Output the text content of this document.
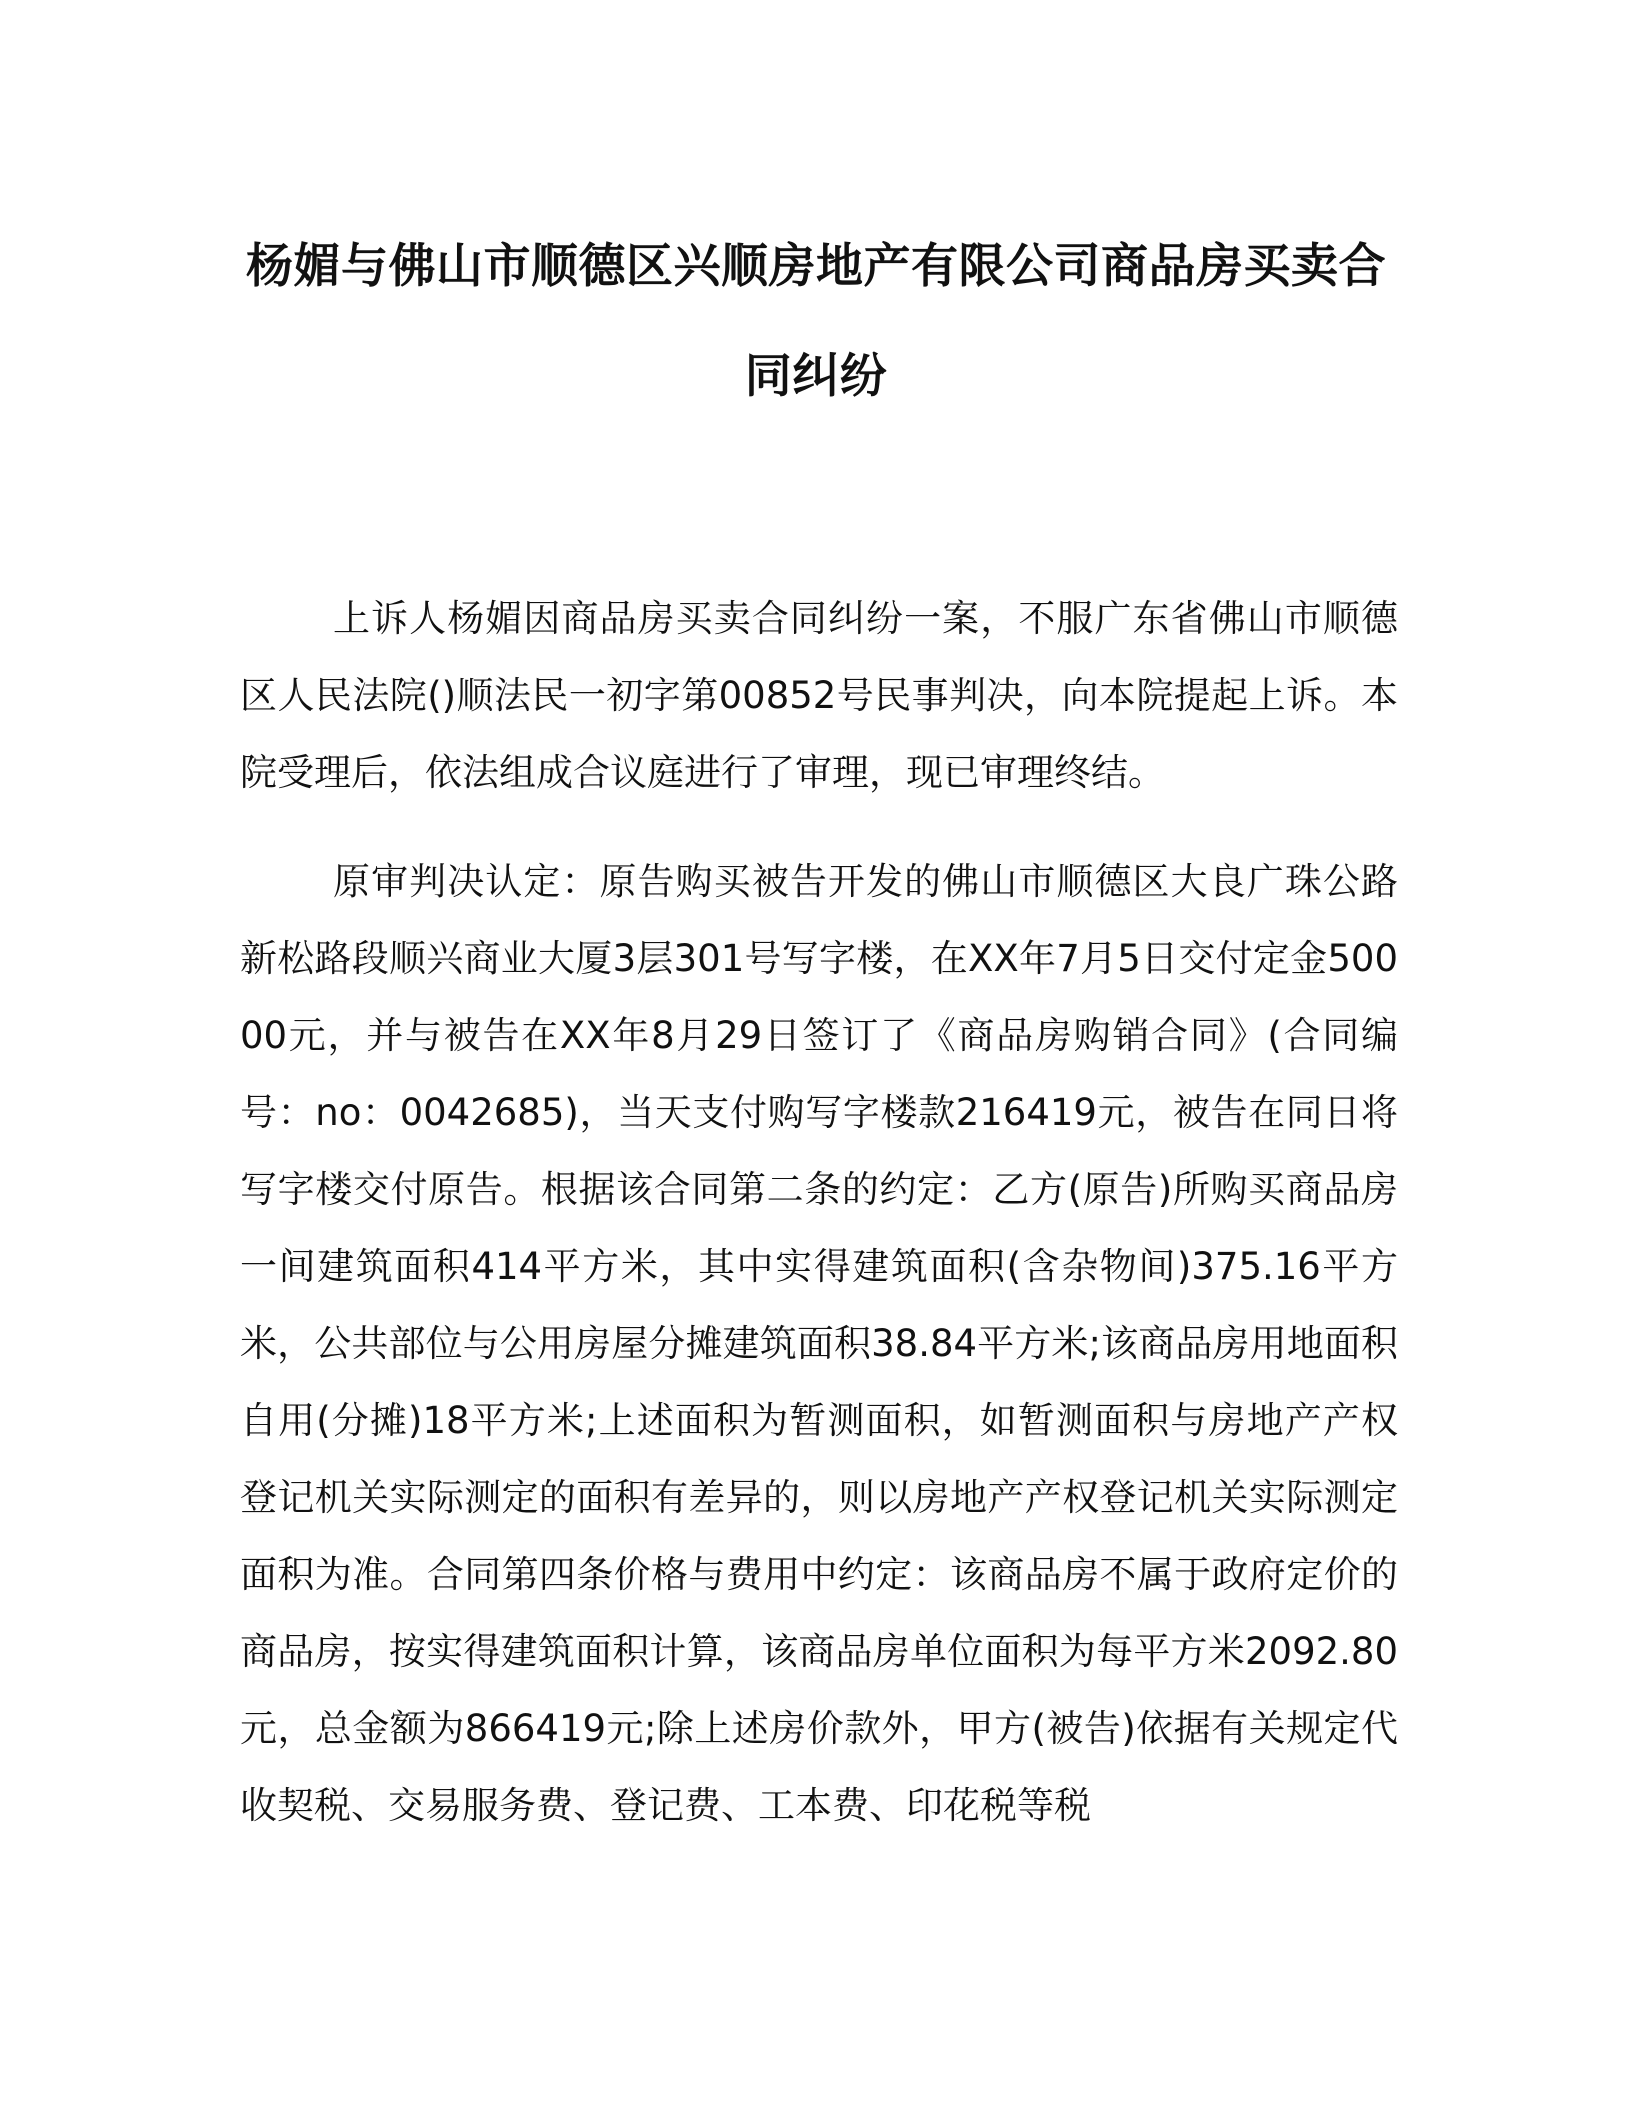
杨媚与佛山市顺德区兴顺房地产有限公司商品房买卖合同纠纷

上诉人杨媚因商品房买卖合同纠纷一案，不服广东省佛山市顺德区人民法院()顺法民一初字第00852号民事判决，向本院提起上诉。本院受理后，依法组成合议庭进行了审理，现已审理终结。

原审判决认定：原告购买被告开发的佛山市顺德区大良广珠公路新松路段顺兴商业大厦3层301号写字楼，在XX年7月5日交付定金50000元，并与被告在XX年8月29日签订了《商品房购销合同》(合同编号：no：0042685)，当天支付购写字楼款216419元，被告在同日将写字楼交付原告。根据该合同第二条的约定：乙方(原告)所购买商品房一间建筑面积414平方米，其中实得建筑面积(含杂物间)375.16平方米，公共部位与公用房屋分摊建筑面积38.84平方米;该商品房用地面积自用(分摊)18平方米;上述面积为暂测面积，如暂测面积与房地产产权登记机关实际测定的面积有差异的，则以房地产产权登记机关实际测定面积为准。合同第四条价格与费用中约定：该商品房不属于政府定价的商品房，按实得建筑面积计算，该商品房单位面积为每平方米2092.80元，总金额为866419元;除上述房价款外，甲方(被告)依据有关规定代收契税、交易服务费、登记费、工本费、印花税等税
